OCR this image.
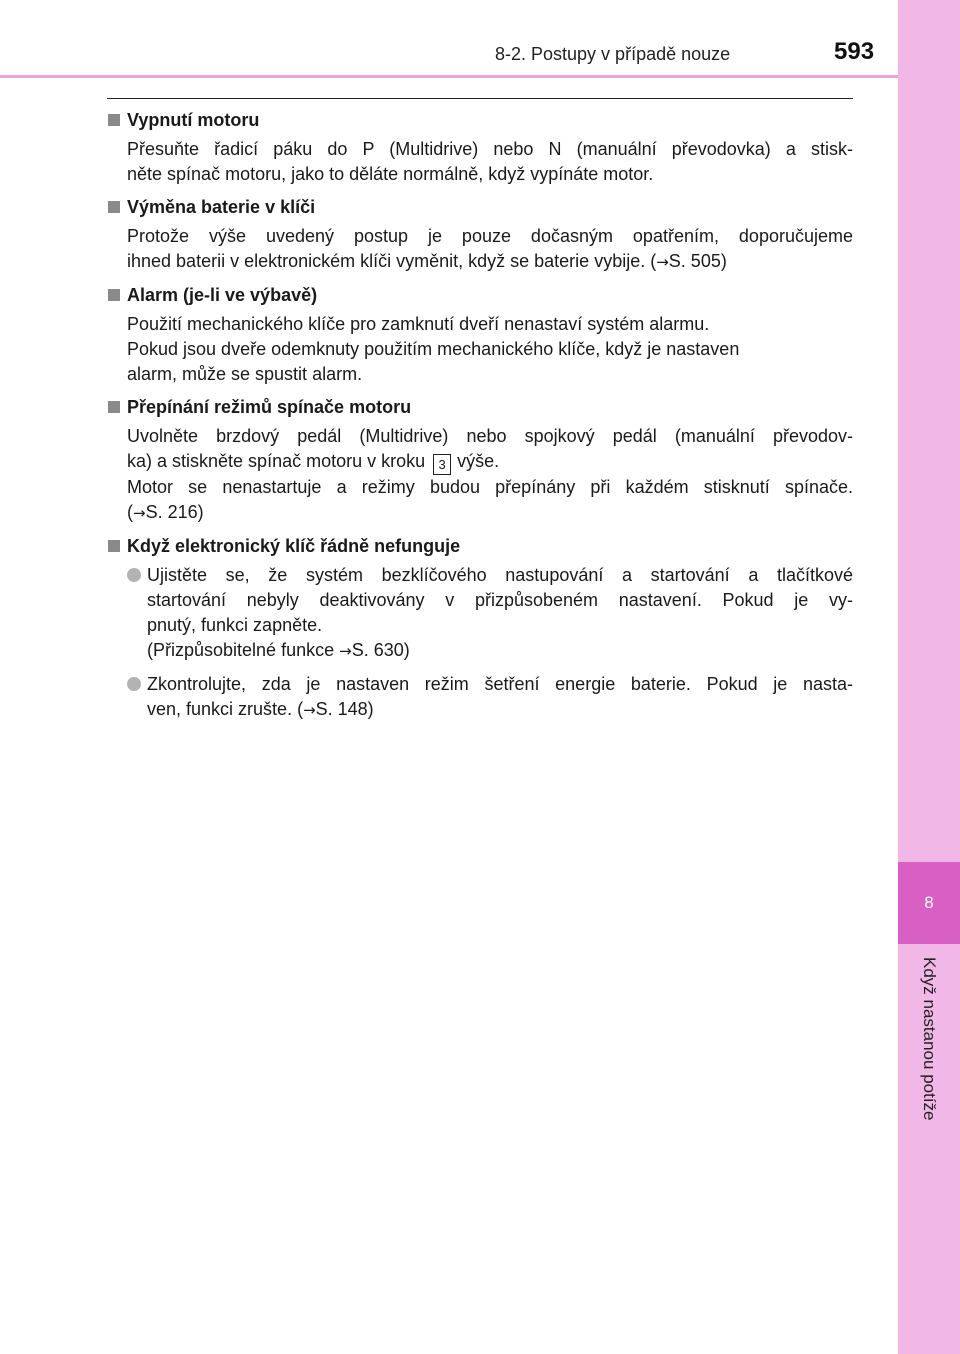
8-2. Postupy v případě nouze	593
8
Když nastanou potíže
Vypnutí motoru
Přesuňte řadicí páku do P (Multidrive) nebo N (manuální převodovka) a stisk-
něte spínač motoru, jako to děláte normálně, když vypínáte motor.
Výměna baterie v klíči
Protože výše uvedený postup je pouze dočasným opatřením, doporučujeme
ihned baterii v elektronickém klíči vyměnit, když se baterie vybije. (→S. 505)
Alarm (je-li ve výbavě)
Použití mechanického klíče pro zamknutí dveří nenastaví systém alarmu.
Pokud jsou dveře odemknuty použitím mechanického klíče, když je nastaven
alarm, může se spustit alarm.
Přepínání režimů spínače motoru
Uvolněte brzdový pedál (Multidrive) nebo spojkový pedál (manuální převodov-
ka) a stiskněte spínač motoru v kroku 3 výše.
Motor se nenastartuje a režimy budou přepínány při každém stisknutí spínače.
(→S. 216)
Když elektronický klíč řádně nefunguje
Ujistěte se, že systém bezklíčového nastupování a startování a tlačítkové
startování nebyly deaktivovány v přizpůsobeném nastavení. Pokud je vy-
pnutý, funkci zapněte.
(Přizpůsobitelné funkce →S. 630)
Zkontrolujte, zda je nastaven režim šetření energie baterie. Pokud je nasta-
ven, funkci zrušte. (→S. 148)
